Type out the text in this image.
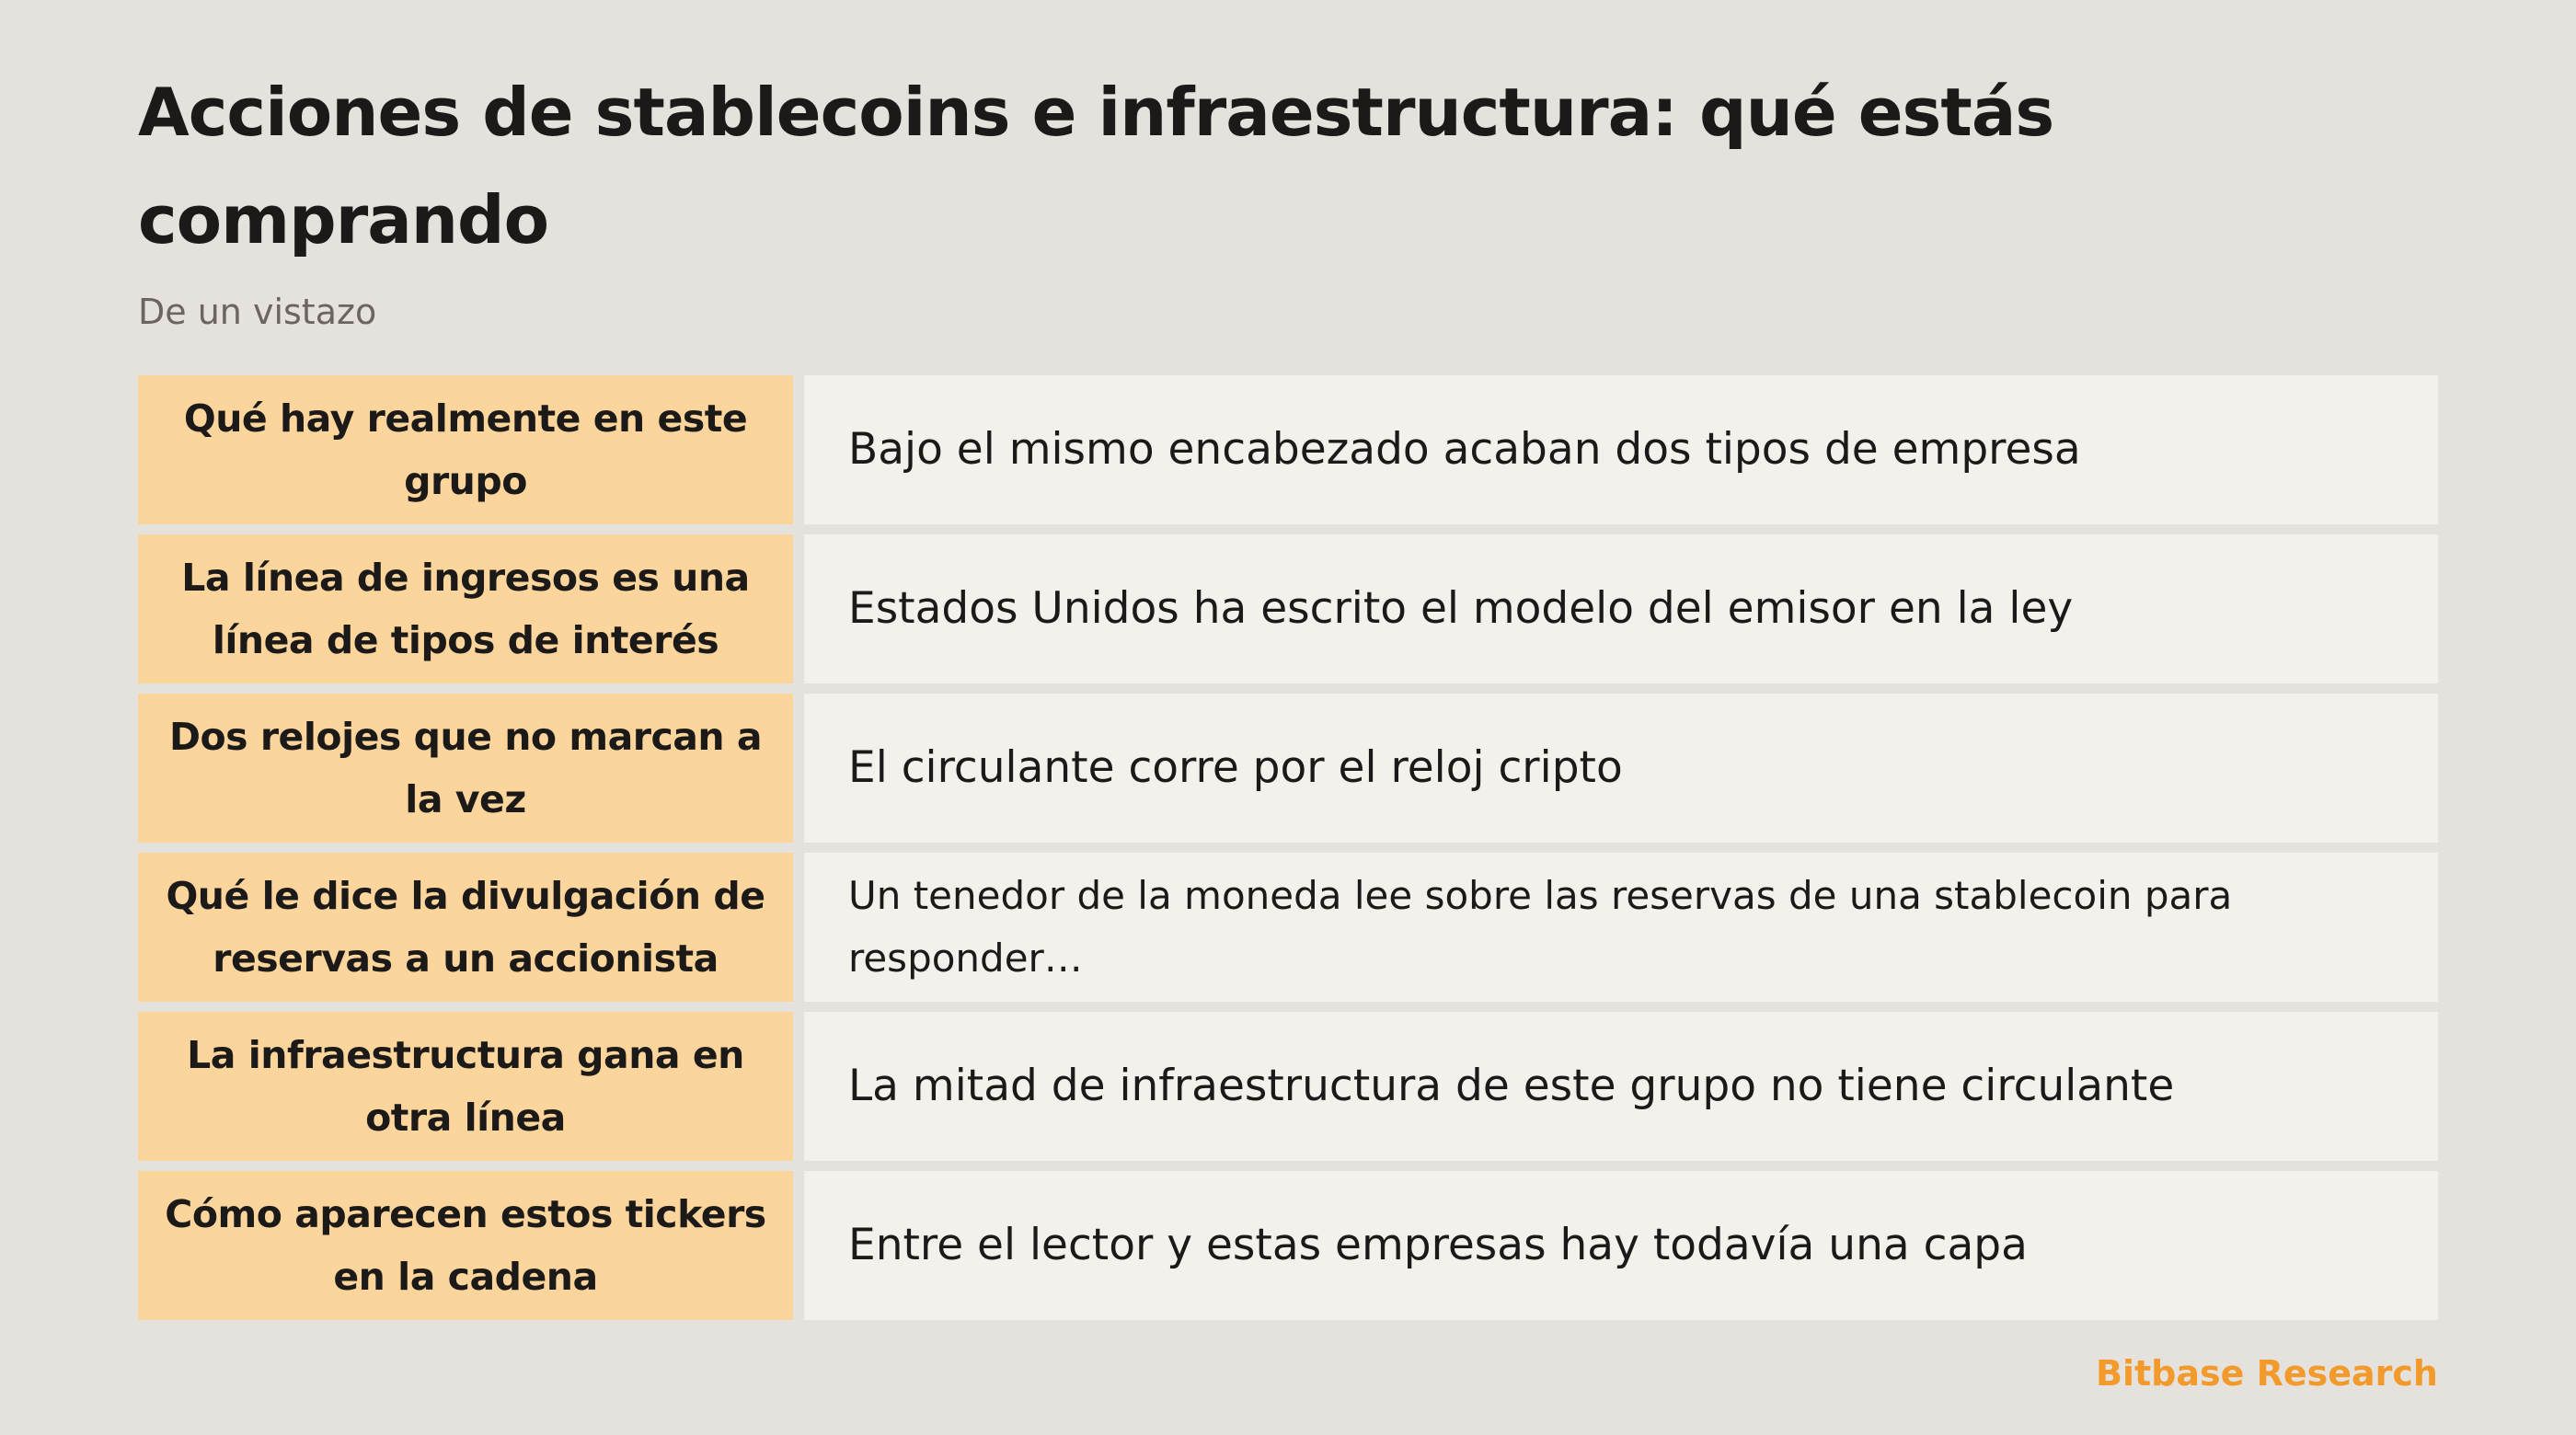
Acciones de stablecoins e infraestructura: qué estás comprando
De un vistazo
Qué hay realmente en este grupo
Bajo el mismo encabezado acaban dos tipos de empresa
La línea de ingresos es una línea de tipos de interés
Estados Unidos ha escrito el modelo del emisor en la ley
Dos relojes que no marcan a la vez
El circulante corre por el reloj cripto
Qué le dice la divulgación de reservas a un accionista
Un tenedor de la moneda lee sobre las reservas de una stablecoin para responder…
La infraestructura gana en otra línea
La mitad de infraestructura de este grupo no tiene circulante
Cómo aparecen estos tickers en la cadena
Entre el lector y estas empresas hay todavía una capa
Bitbase Research
